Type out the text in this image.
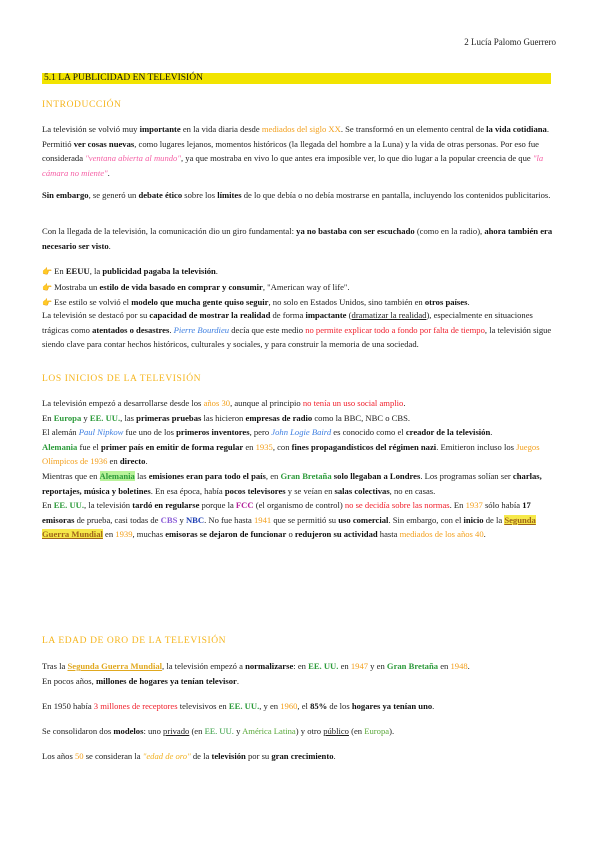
2 Lucía Palomo Guerrero
5.1 LA PUBLICIDAD EN TELEVISIÓN
INTRODUCCIÓN

La televisión se volvió muy importante en la vida diaria desde mediados del siglo XX. Se transformó en un elemento central de la vida cotidiana. Permitió ver cosas nuevas, como lugares lejanos, momentos históricos (la llegada del hombre a la Luna) y la vida de otras personas. Por eso fue considerada "ventana abierta al mundo", ya que mostraba en vivo lo que antes era imposible ver, lo que dio lugar a la popular creencia de que "la cámara no miente".

Sin embargo, se generó un debate ético sobre los límites de lo que debía o no debía mostrarse en pantalla, incluyendo los contenidos publicitarios.

Con la llegada de la televisión, la comunicación dio un giro fundamental: ya no bastaba con ser escuchado (como en la radio), ahora también era necesario ser visto.

👉 En EEUU, la publicidad pagaba la televisión.
👉 Mostraba un estilo de vida basado en comprar y consumir, "American way of life".
👉 Ese estilo se volvió el modelo que mucha gente quiso seguir, no solo en Estados Unidos, sino también en otros países.

La televisión se destacó por su capacidad de mostrar la realidad de forma impactante (dramatizar la realidad), especialmente en situaciones trágicas como atentados o desastres. Pierre Bourdieu decía que este medio no permite explicar todo a fondo por falta de tiempo, la televisión sigue siendo clave para contar hechos históricos, culturales y sociales, y para construir la memoria de una sociedad.

LOS INICIOS DE LA TELEVISIÓN

La televisión empezó a desarrollarse desde los años 30, aunque al principio no tenía un uso social amplio.
En Europa y EE. UU., las primeras pruebas las hicieron empresas de radio como la BBC, NBC o CBS.
El alemán Paul Nipkow fue uno de los primeros inventores, pero John Logie Baird es conocido como el creador de la televisión.
Alemania fue el primer país en emitir de forma regular en 1935, con fines propagandísticos del régimen nazi. Emitieron incluso los Juegos Olímpicos de 1936 en directo.
Mientras que en Alemania las emisiones eran para todo el país, en Gran Bretaña solo llegaban a Londres. Los programas solían ser charlas, reportajes, música y boletines. En esa época, había pocos televisores y se veían en salas colectivas, no en casas.
En EE. UU., la televisión tardó en regularse porque la FCC (el organismo de control) no se decidía sobre las normas. En 1937 sólo había 17 emisoras de prueba, casi todas de CBS y NBC. No fue hasta 1941 que se permitió su uso comercial. Sin embargo, con el inicio de la Segunda Guerra Mundial en 1939, muchas emisoras se dejaron de funcionar o redujeron su actividad hasta mediados de los años 40.

LA EDAD DE ORO DE LA TELEVISIÓN

Tras la Segunda Guerra Mundial, la televisión empezó a normalizarse: en EE. UU. en 1947 y en Gran Bretaña en 1948.
En pocos años, millones de hogares ya tenían televisor.

En 1950 había 3 millones de receptores televisivos en EE. UU., y en 1960, el 85% de los hogares ya tenían uno.

Se consolidaron dos modelos: uno privado (en EE. UU. y América Latina) y otro público (en Europa).

Los años 50 se consideran la "edad de oro" de la televisión por su gran crecimiento.
